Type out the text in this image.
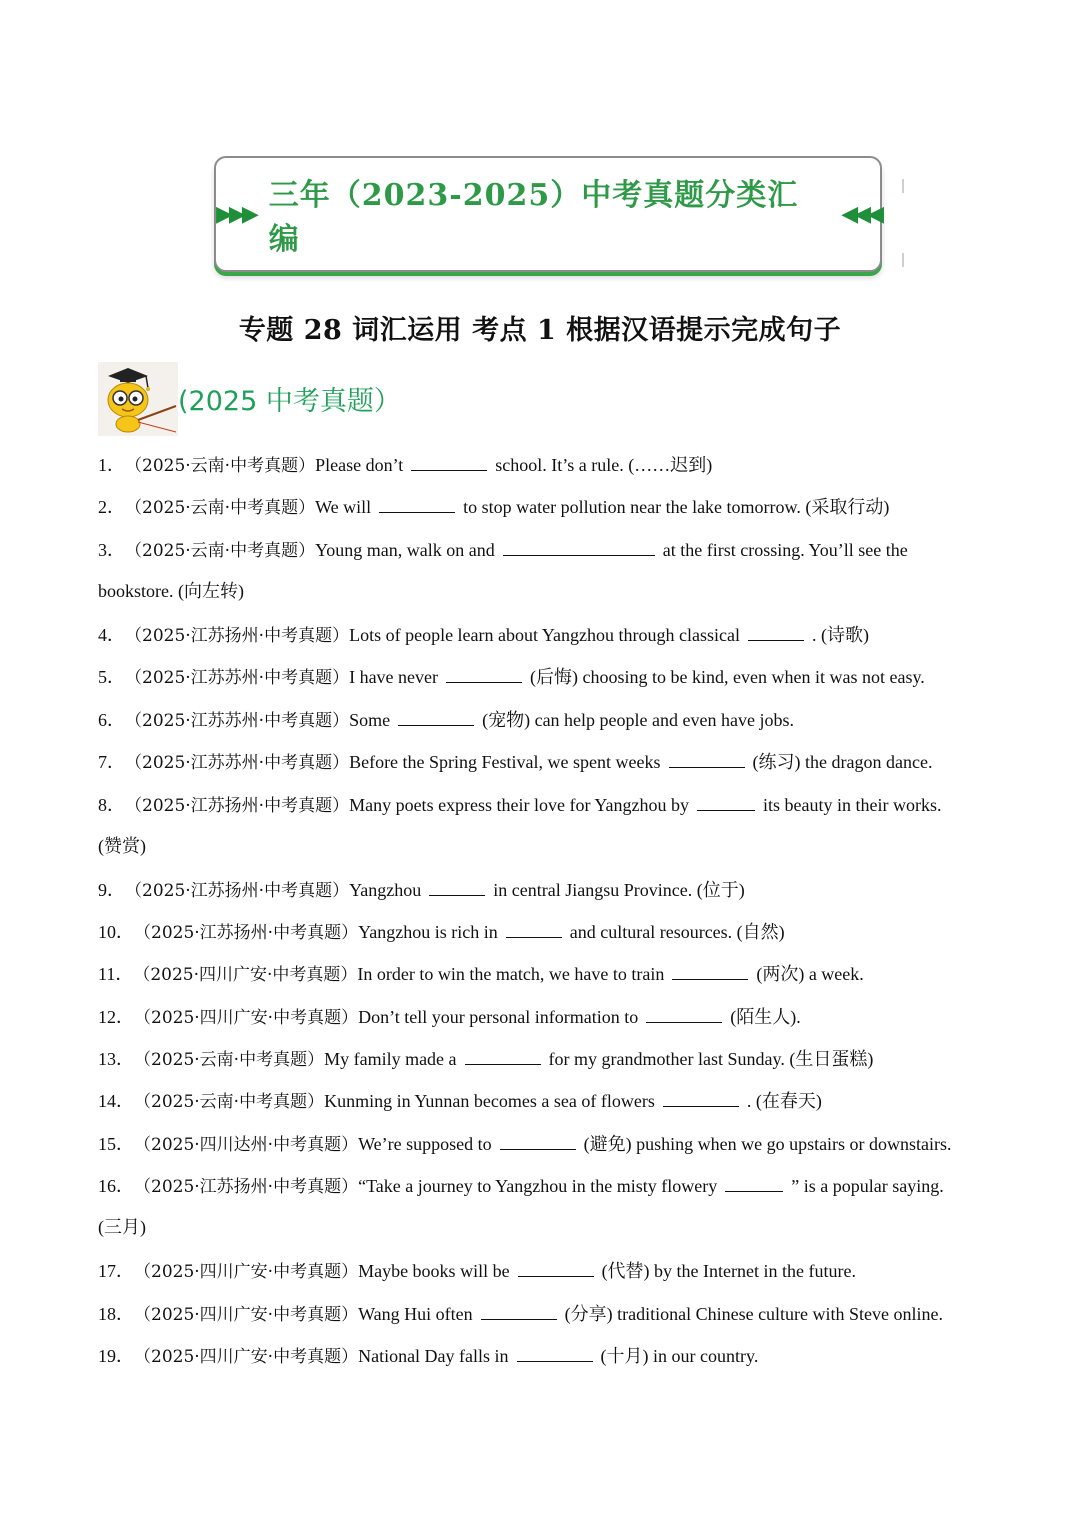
▶▶▶
三年（2023-2025）中考真题分类汇编
◀◀◀
专题 28 词汇运用 考点 1 根据汉语提示完成句子
(2025 中考真题）
1．（2025·云南·中考真题）Please don’t	school. It’s a rule. (……迟到)
2．（2025·云南·中考真题）We will	to stop water pollution near the lake tomorrow. (采取行动)
3．（2025·云南·中考真题）Young man, walk on and	at the first crossing. You’ll see the
bookstore. (向左转)
4．（2025·江苏扬州·中考真题）Lots of people learn about Yangzhou through classical	. (诗歌)
5．（2025·江苏苏州·中考真题）I have never	(后悔) choosing to be kind, even when it was not easy.
6．（2025·江苏苏州·中考真题）Some	(宠物) can help people and even have jobs.
7．（2025·江苏苏州·中考真题）Before the Spring Festival, we spent weeks	(练习) the dragon dance.
8．（2025·江苏扬州·中考真题）Many poets express their love for Yangzhou by	its beauty in their works.
(赞赏)
9．（2025·江苏扬州·中考真题）Yangzhou	in central Jiangsu Province. (位于)
10．（2025·江苏扬州·中考真题）Yangzhou is rich in	and cultural resources. (自然)
11．（2025·四川广安·中考真题）In order to win the match, we have to train	(两次) a week.
12．（2025·四川广安·中考真题）Don’t tell your personal information to	(陌生人).
13．（2025·云南·中考真题）My family made a	for my grandmother last Sunday. (生日蛋糕)
14．（2025·云南·中考真题）Kunming in Yunnan becomes a sea of flowers	. (在春天)
15．（2025·四川达州·中考真题）We’re supposed to	(避免) pushing when we go upstairs or downstairs.
16．（2025·江苏扬州·中考真题）“Take a journey to Yangzhou in the misty flowery	” is a popular saying.
(三月)
17．（2025·四川广安·中考真题）Maybe books will be	(代替) by the Internet in the future.
18．（2025·四川广安·中考真题）Wang Hui often	(分享) traditional Chinese culture with Steve online.
19．（2025·四川广安·中考真题）National Day falls in	(十月) in our country.
